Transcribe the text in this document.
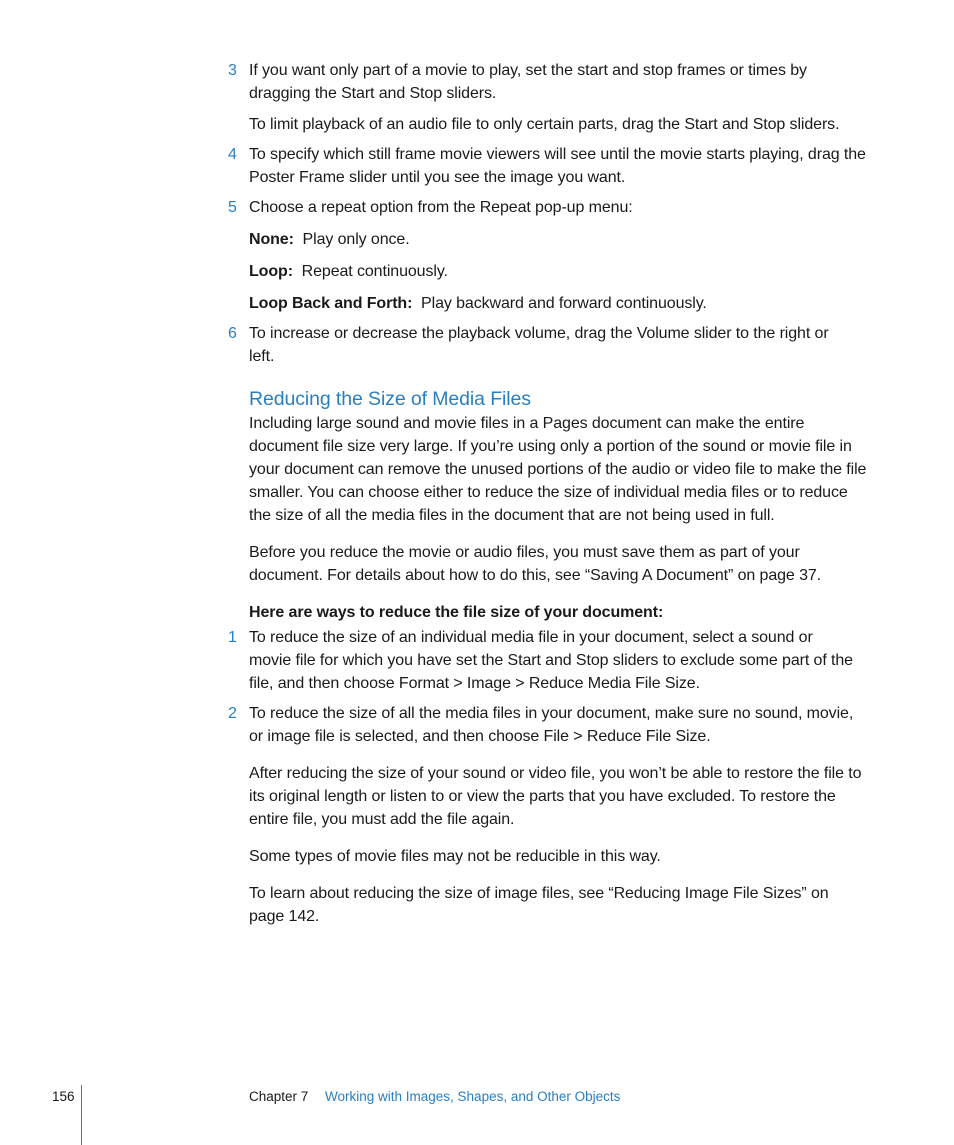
3 If you want only part of a movie to play, set the start and stop frames or times by dragging the Start and Stop sliders.
To limit playback of an audio file to only certain parts, drag the Start and Stop sliders.
4 To specify which still frame movie viewers will see until the movie starts playing, drag the Poster Frame slider until you see the image you want.
5 Choose a repeat option from the Repeat pop-up menu:
None: Play only once.
Loop: Repeat continuously.
Loop Back and Forth: Play backward and forward continuously.
6 To increase or decrease the playback volume, drag the Volume slider to the right or left.
Reducing the Size of Media Files
Including large sound and movie files in a Pages document can make the entire document file size very large. If you’re using only a portion of the sound or movie file in your document can remove the unused portions of the audio or video file to make the file smaller. You can choose either to reduce the size of individual media files or to reduce the size of all the media files in the document that are not being used in full.
Before you reduce the movie or audio files, you must save them as part of your document. For details about how to do this, see “Saving A Document” on page 37.
Here are ways to reduce the file size of your document:
1 To reduce the size of an individual media file in your document, select a sound or movie file for which you have set the Start and Stop sliders to exclude some part of the file, and then choose Format > Image > Reduce Media File Size.
2 To reduce the size of all the media files in your document, make sure no sound, movie, or image file is selected, and then choose File > Reduce File Size.
After reducing the size of your sound or video file, you won’t be able to restore the file to its original length or listen to or view the parts that you have excluded. To restore the entire file, you must add the file again.
Some types of movie files may not be reducible in this way.
To learn about reducing the size of image files, see “Reducing Image File Sizes” on page 142.
156	Chapter 7 Working with Images, Shapes, and Other Objects
